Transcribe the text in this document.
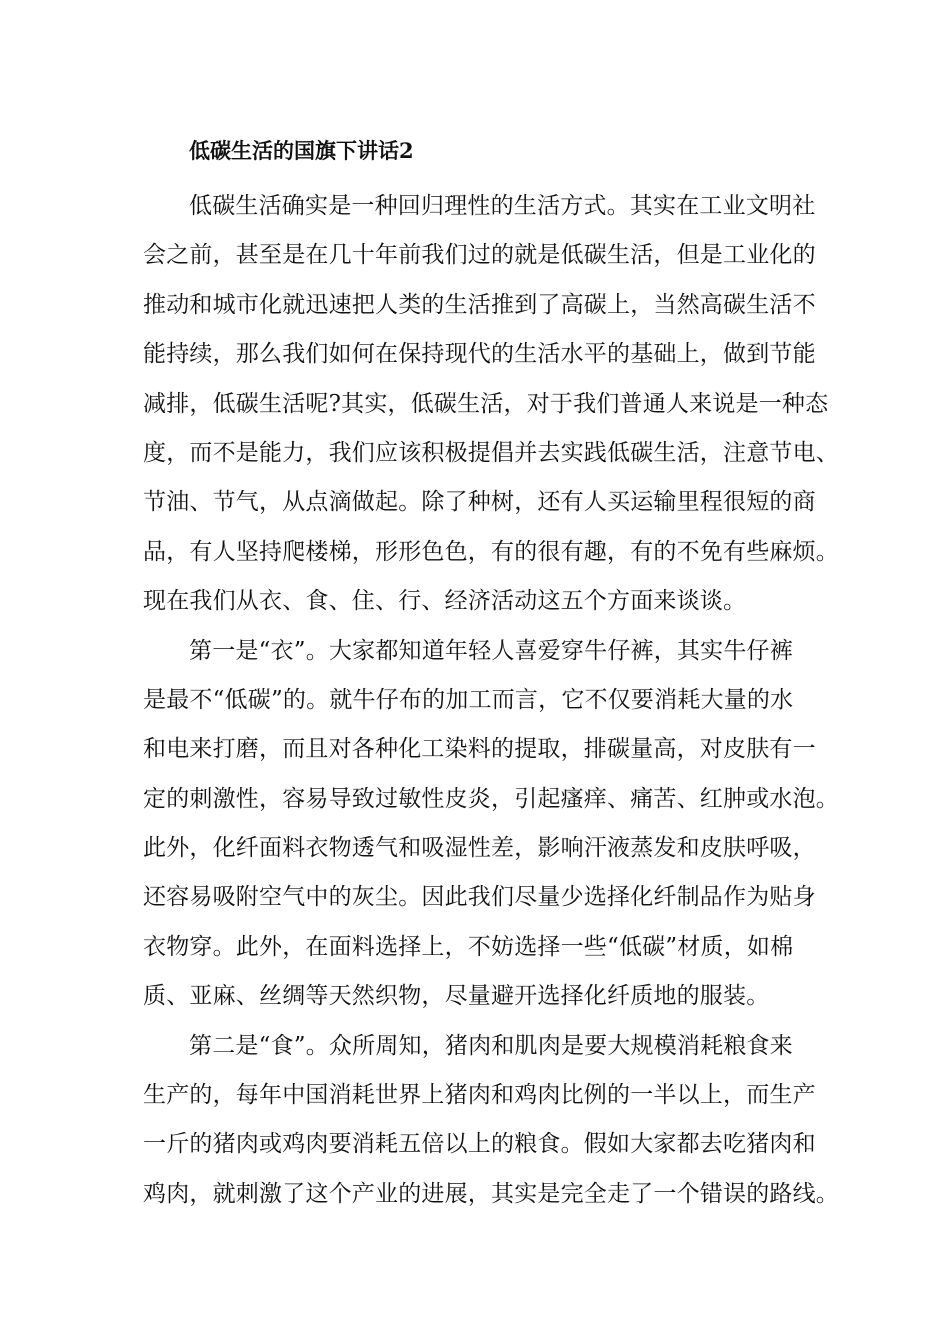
低碳生活的国旗下讲话2
低碳生活确实是一种回归理性的生活方式。其实在工业文明社
会之前，甚至是在几十年前我们过的就是低碳生活，但是工业化的
推动和城市化就迅速把人类的生活推到了高碳上，当然高碳生活不
能持续，那么我们如何在保持现代的生活水平的基础上，做到节能
减排，低碳生活呢?其实，低碳生活，对于我们普通人来说是一种态
度，而不是能力，我们应该积极提倡并去实践低碳生活，注意节电、
节油、节气，从点滴做起。除了种树，还有人买运输里程很短的商
品，有人坚持爬楼梯，形形色色，有的很有趣，有的不免有些麻烦。
现在我们从衣、食、住、行、经济活动这五个方面来谈谈。
第一是“衣”。大家都知道年轻人喜爱穿牛仔裤，其实牛仔裤
是最不“低碳”的。就牛仔布的加工而言，它不仅要消耗大量的水
和电来打磨，而且对各种化工染料的提取，排碳量高，对皮肤有一
定的刺激性，容易导致过敏性皮炎，引起瘙痒、痛苦、红肿或水泡。
此外，化纤面料衣物透气和吸湿性差，影响汗液蒸发和皮肤呼吸，
还容易吸附空气中的灰尘。因此我们尽量少选择化纤制品作为贴身
衣物穿。此外，在面料选择上，不妨选择一些“低碳”材质，如棉
质、亚麻、丝绸等天然织物，尽量避开选择化纤质地的服装。
第二是“食”。众所周知，猪肉和肌肉是要大规模消耗粮食来
生产的，每年中国消耗世界上猪肉和鸡肉比例的一半以上，而生产
一斤的猪肉或鸡肉要消耗五倍以上的粮食。假如大家都去吃猪肉和
鸡肉，就刺激了这个产业的进展，其实是完全走了一个错误的路线。
